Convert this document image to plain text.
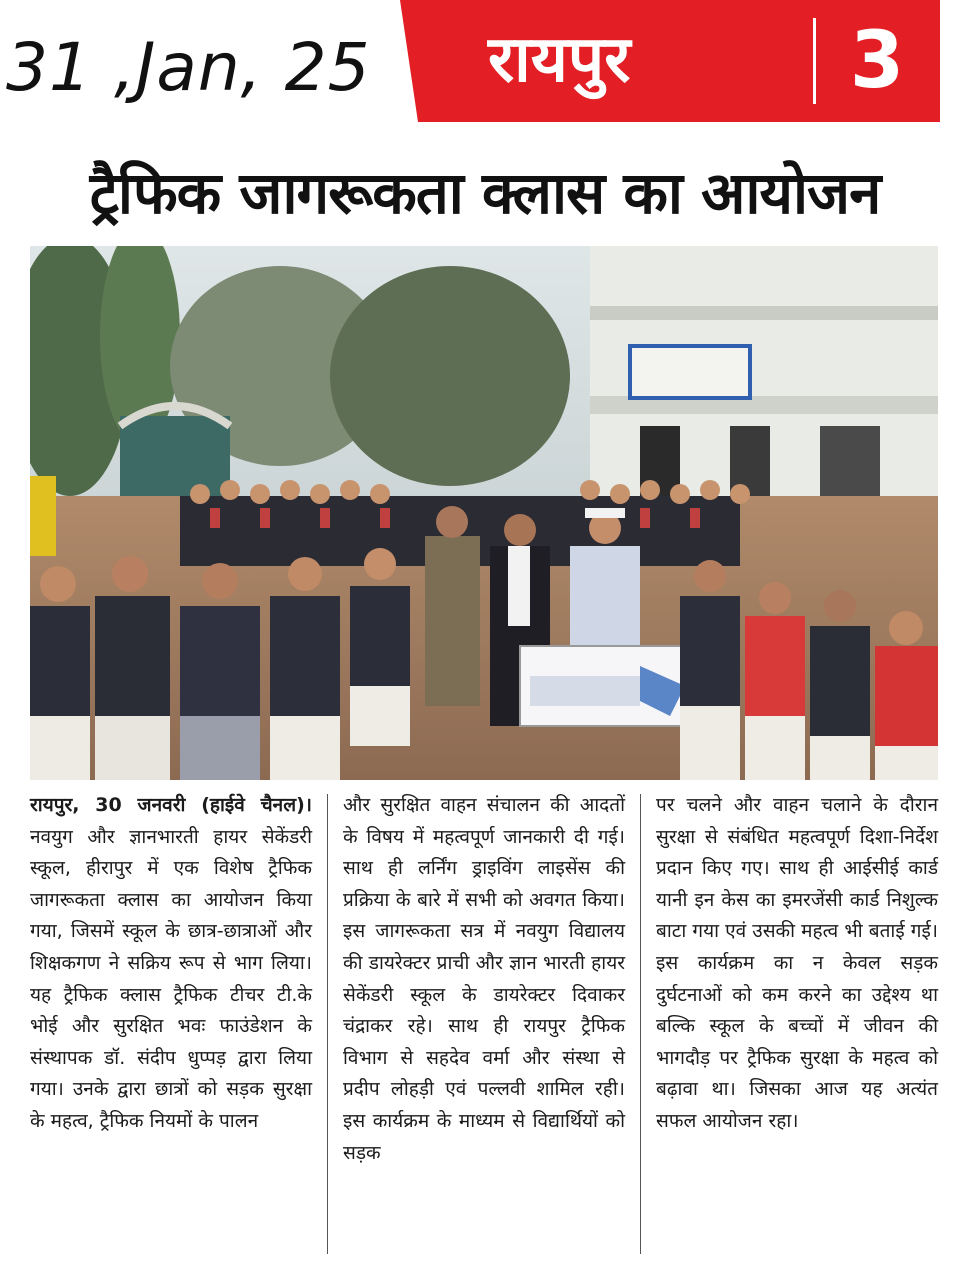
31 ,Jan, 25 रायपुर	3
ट्रैफिक जागरूकता क्लास का आयोजन
रायपुर, 30 जनवरी (हाईवे चैनल)। नवयुग और ज्ञानभारती हायर सेकेंडरी स्कूल, हीरापुर में एक विशेष ट्रैफिक जागरूकता क्लास का आयोजन किया गया, जिसमें स्कूल के छात्र-छात्राओं और शिक्षकगण ने सक्रिय रूप से भाग लिया। यह ट्रैफिक क्लास ट्रैफिक टीचर टी.के भोई और सुरक्षित भवः फाउंडेशन के संस्थापक डॉ. संदीप धुप्पड़ द्वारा लिया गया। उनके द्वारा छात्रों को सड़क सुरक्षा के महत्व, ट्रैफिक नियमों के पालन
और सुरक्षित वाहन संचालन की आदतों के विषय में महत्वपूर्ण जानकारी दी गई। साथ ही लर्निंग ड्राइविंग लाइसेंस की प्रक्रिया के बारे में सभी को अवगत किया। इस जागरूकता सत्र में नवयुग विद्यालय की डायरेक्टर प्राची और ज्ञान भारती हायर सेकेंडरी स्कूल के डायरेक्टर दिवाकर चंद्राकर रहे। साथ ही रायपुर ट्रैफिक विभाग से सहदेव वर्मा और संस्था से प्रदीप लोहड़ी एवं पल्लवी शामिल रही। इस कार्यक्रम के माध्यम से विद्यार्थियों को सड़क
पर चलने और वाहन चलाने के दौरान सुरक्षा से संबंधित महत्वपूर्ण दिशा-निर्देश प्रदान किए गए। साथ ही आईसीई कार्ड यानी इन केस का इमरजेंसी कार्ड निशुल्क बाटा गया एवं उसकी महत्व भी बताई गई। इस कार्यक्रम का न केवल सड़क दुर्घटनाओं को कम करने का उद्देश्य था बल्कि स्कूल के बच्चों में जीवन की भागदौड़ पर ट्रैफिक सुरक्षा के महत्व को बढ़ावा था। जिसका आज यह अत्यंत सफल आयोजन रहा।
